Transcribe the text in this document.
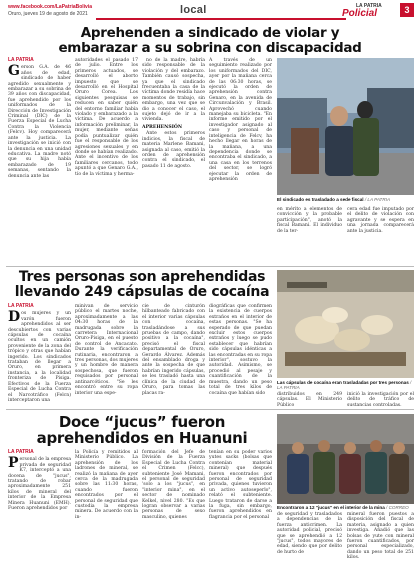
www.facebook.com/LaPatriaBolivia
Oruro, jueves 19 de agosto de 2021	local	LA PATRIA
Policial	3
Aprehenden a sindicado de violar y
embarazar a su sobrina con discapacidad
LA PATRIA
G erson G.A. de 46 años de edad, sindicado de haber agredido sexualmente y embarazar a su sobrina de 39 años con discapacidad, fue aprehendido por los uniformados de la Dirección de Investigación Criminal (DIC) de la Fuerza Especial de Lucha Contra la Violencia (Felcv). Hoy comparecerá ante la justicia. La investigación se inició con la denuncia en una unidad educativa. La madre notó que su hija había embarazado de 19 semanas, sentando la denuncia ante las
autoridades el pasado 17 de julio. Entre los primeros actuados, se desarrolló el aborto impuesto que se desarrolló en el Hospital Oruro Corea. Los siguientes pesquisas se reducen en saber quién del entorno familiar había violado y embarazado a la víctima. De acuerdo a información preliminar, la mujer, mediante señas podía puntualizar quién fue el responsable de los agresiones sexuales y en donde se habían realizado. Ante el incentivo de los familiares cercanos, todo apuntó a que Genaro G.A., tío de la víctima y herma-

no de la madre, habría sido responsable de la violación y del embarazo. También causó sospecha, ya que el sindicado frecuentaba la casa de la víctima donde residía hace momentos de trabajo, sin embargo, una vez que se dio a conocer el caso, el sujeto dejó de ir a la vivienda.

APREHENSIÓN

Ante estos primeros indicios, la fiscal de materia Marlene Bamani, asignada al caso, emitió la orden de aprehensión contra el sindicado, el pasado 11 de agosto.

A través de un seguimiento realizado por los uniformados del DIC, ayer por la mañana cerca de las 06:30 horas, se ejecutó la orden de aprehensión contra Genaro, en la avenida de Circunvalación y Brasil. Aprovechó cuando manejaba su bicicleta. "En informe emitido por el investigador asignado al caso y personal de inteligencia de Felcv, ha hecho llegar en horas de la mañana, a una dependencia donde se encontraba el sindicado, a una casa en los terrenos del sector, se logró ejecutar la orden de aprehensión
El sindicado es trasladado a sede fiscal / LA PATRIA
en mérito a elementos de convicción y la probable participación", anotó la fiscal Bamani. El individuo de la ter-
cera edad fue imputado por el delito de violación con agravante y se espera en una jornada comparecerá ante la justicia.
Tres personas son aprehendidas
llevando 249 cápsulas de cocaína
LA PATRIA
D os mujeres y un varón fueron aprehendidos al ser descubiertos con varias cápsulas de cocaína ocultos en un camión proveniente de la zona del trópico y otras que habían ingerido. Los sindicados trataban de llegar a Oruro, en primera instancia, a la localidad fronteriza de Pisiga. Efectivos de la Fuerza Especial de Lucha Contra el Narcotráfico (Felcn) interceptaron una
minivan de servicio público el martes noche, aproximadamente a las 04:30 horas de la madrugada sobre la carretera Internacional Oruro-Pisiga, en el puesto de control de Ancacato. Durante la verificación rutinaria, encontraron a tres personas, dos mujeres y un hombre de manera sospechosa, que fueron requisados por personal antinarcóticos. "Se les encontró entre su ropa interior una espe-
cie de cinturón hilbanteado fabricado con el interior varias cápsulas con cocaína, trasladándose a sus pruebas de campo, dando positivo a la cocaína", precisó el fiscal departamental de Oruro, Gerardo Álvarez. Además del ensamblado droga y ante la sospecha de que habrían ingerido cápsulas, se les trasladó hasta una clínica de la ciudad de Oruro, para tomas las placas ra-
diográficas que confirmen la existencia de cuerpos extraños en el interior de estas personas. "Se ha esperado de que puedan excluir estos cuerpos extraños y luego se pudo establecer que habrían sido cápsulas idénticas a las encontradas en su ropa interior", sostuvo la autoridad. Asimismo, se procedió al pesaje y cuantificación de la muestra, dando un peso total de tres kilos de cocaína que habían sido
Las cápsulas de cocaína eran trasladadas por tres personas / LA PATRIA
distribuidos en 249 cápsulas. El Ministerio Público
inició la investigación por el delito de tráfico de sustancias controladas.
Doce “jucus” fueron
aprehendidos en Huanuni
LA PATRIA
P ersonal de la empresa privada de seguridad K7, interceptó a una docena de "jucus", tratando de robar aproximadamente 251 kilos de mineral del interior de la Empresa Minera Huanuni (EMH). Fueron aprehendidos por
la Policía y remitidos al Ministerio Público. La aprehensión de los ladrones de mineral, se realizó la mañana de ayer cerca de la madrugada sobre las 11:30 horas, cuando fueron encontrados por el personal de seguridad que custodia la empresa minera. De acuerdo con la in-
formación del Jefe de División de la Fuerza Especial de Lucha Contra el Crimen (Felcc), subteniente José Mamani, el personal de seguridad 'solo a los "jucus", en "interior mina", en el sector de nominado Kelkel, nivel 280. "Es que logran observar a varias personas de sexo masculino, quienes
tenían en su poder varios yutes sacks (bolsas que contenían material mineral) que después fueron encontrados por personal de seguridad privada, quienes tuvieron un activo autoseperlo", relató el subteniente. Luego trataron de darse a la fuga, sin embargo, fueron aprehendidos en flagrancia por el personal
Encontraron a 12 "jucus" en el interior de la mina / CORREO
de seguridad y trasladados a dependencias de la fuerza anticrimen. La autoridad policial, precisó que se aprehendió a 12 "jucus", todos mayores de edad, siendo que por delito de hurto de
mineral fueron puestos a disposición del fiscal de materia, asignado a quien investiga. Añadió que las bolsas de yute con mineral fueron cuantificados, por personal especializado, dando un peso total de 251 kilos.
